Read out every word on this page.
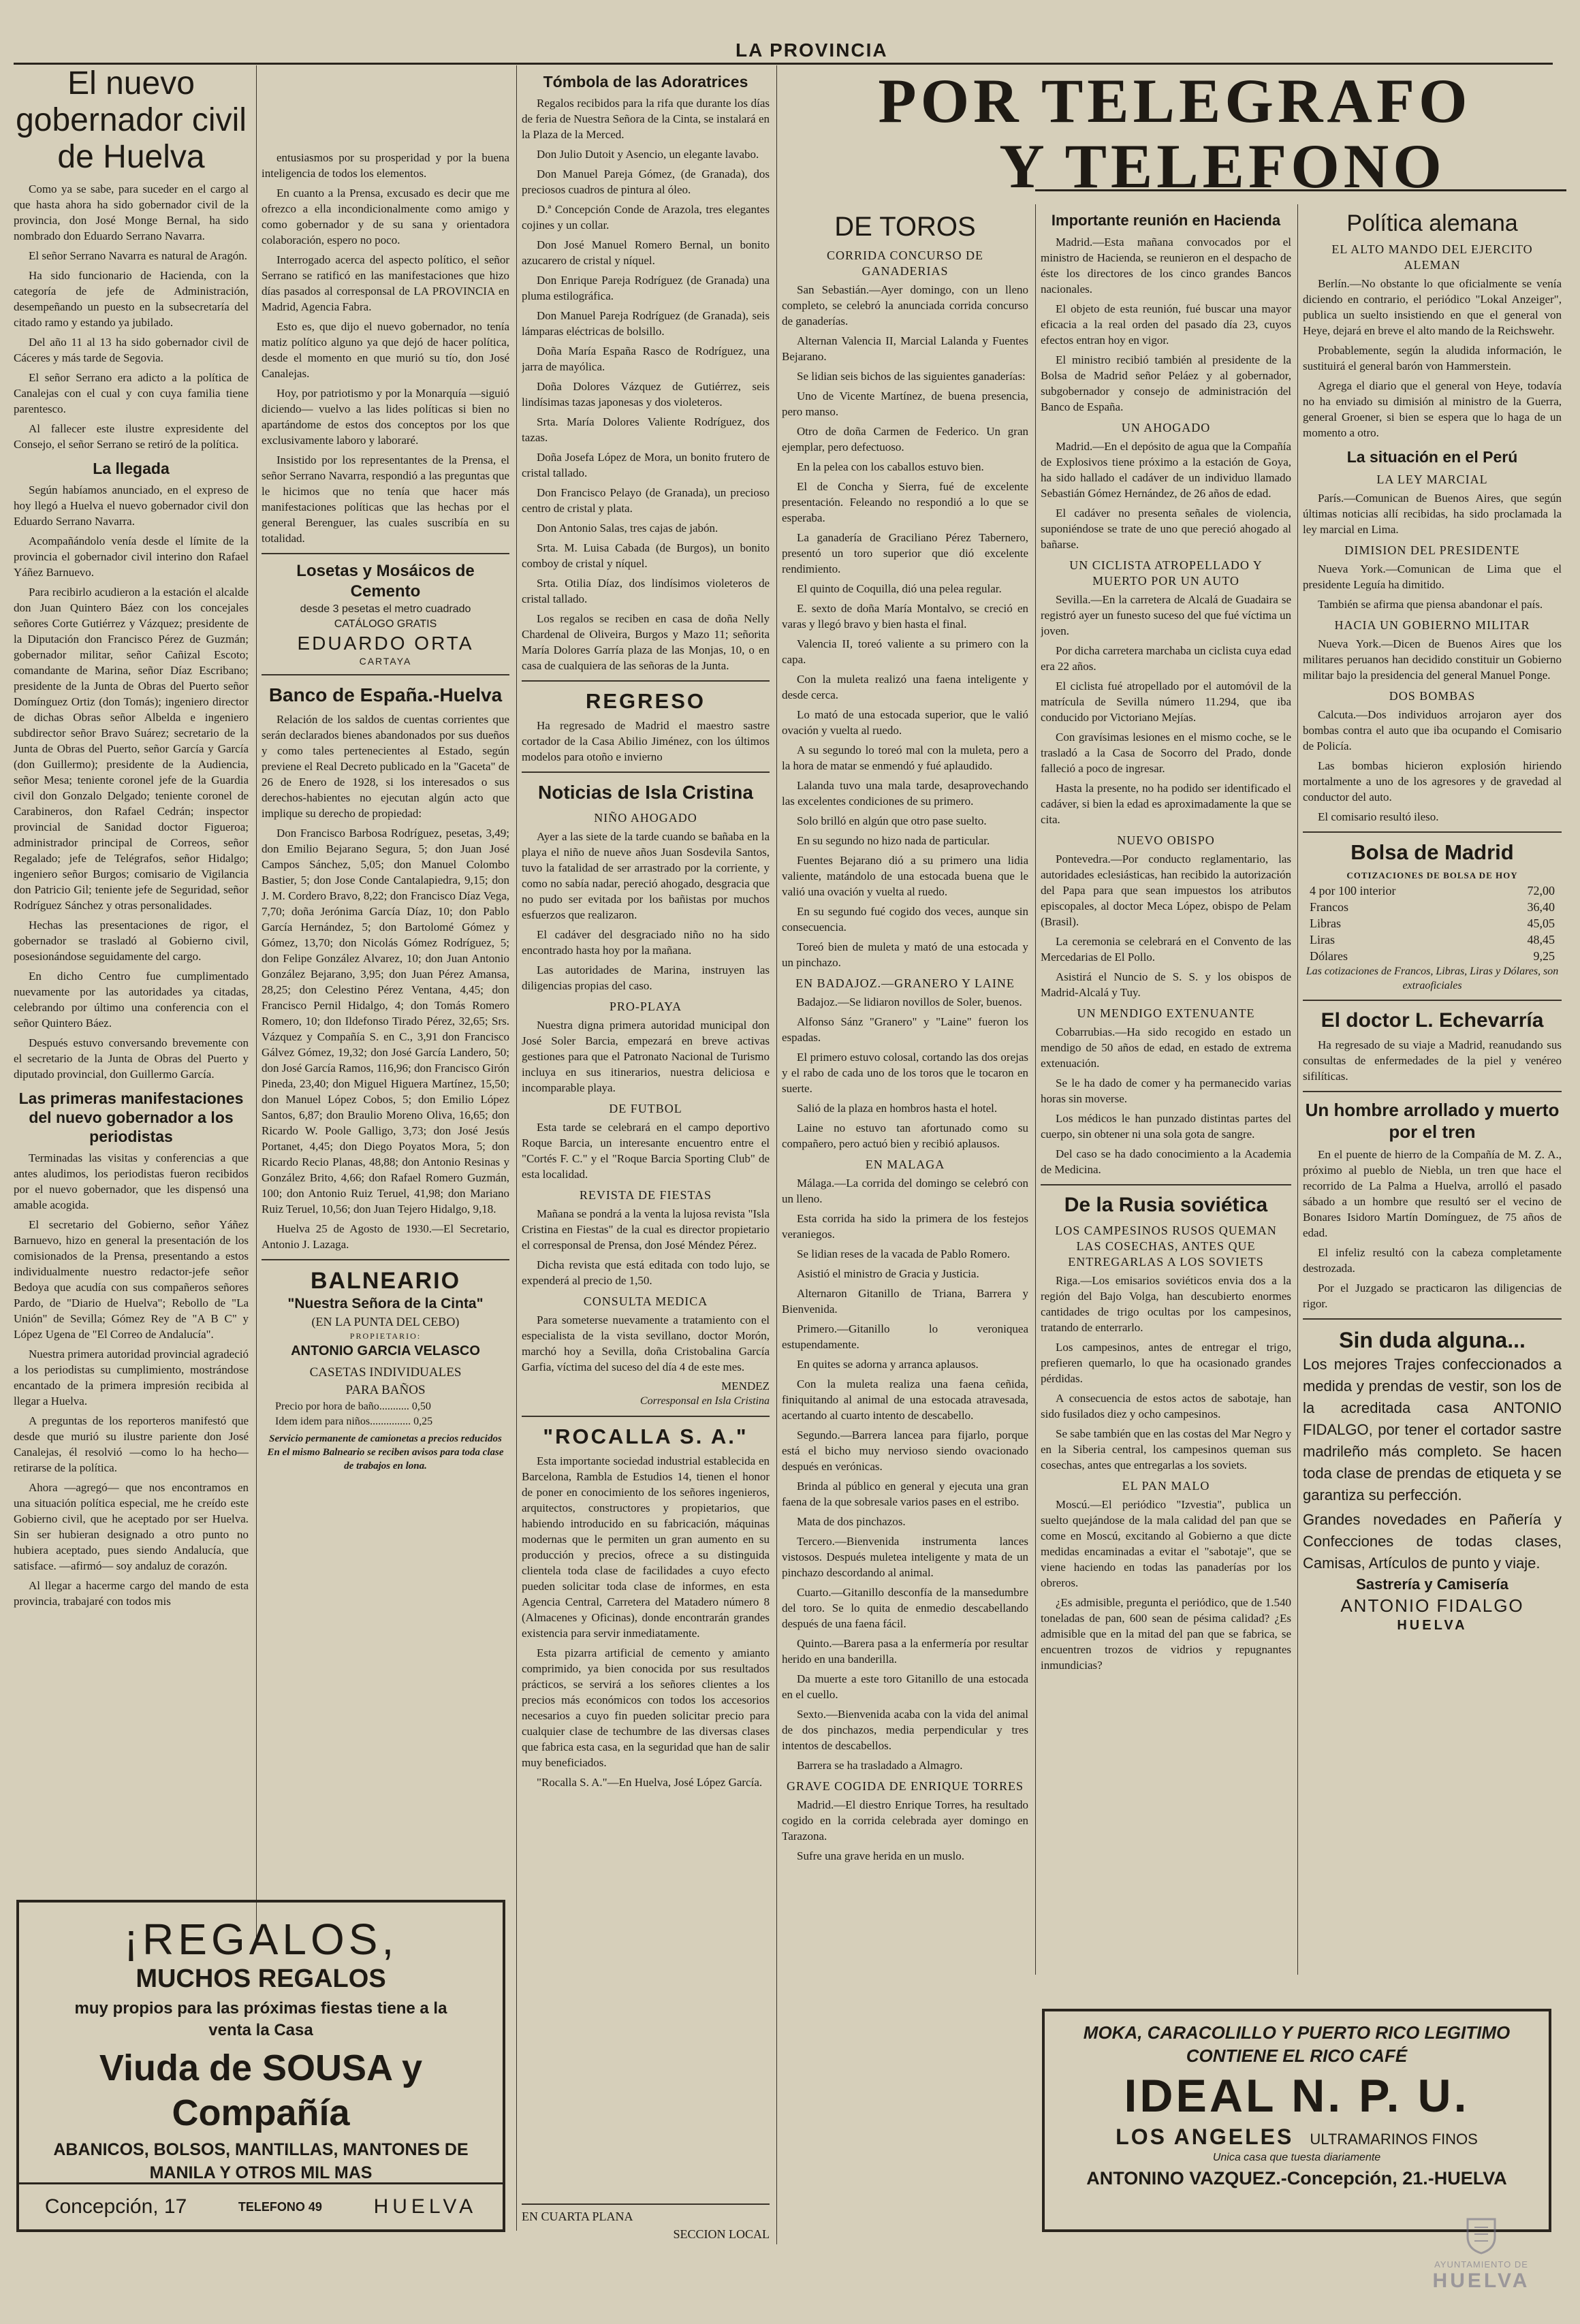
LA PROVINCIA
El nuevo gobernador civil de Huelva

Como ya se sabe, para suceder en el cargo al que hasta ahora ha sido gobernador civil de la provincia, don José Monge Bernal, ha sido nombrado don Eduardo Serrano Navarra.

El señor Serrano Navarra es natural de Aragón.

Ha sido funcionario de Hacienda, con la categoría de jefe de Administración, desempeñando un puesto en la subsecretaría del citado ramo y estando ya jubilado.

Del año 11 al 13 ha sido gobernador civil de Cáceres y más tarde de Segovia.

El señor Serrano era adicto a la política de Canalejas con el cual y con cuya familia tiene parentesco.

Al fallecer este ilustre expresidente del Consejo, el señor Serrano se retiró de la política.

La llegada

Según habíamos anunciado, en el expreso de hoy llegó a Huelva el nuevo gobernador civil don Eduardo Serrano Navarra.

Acompañándolo venía desde el límite de la provincia el gobernador civil interino don Rafael Yáñez Barnuevo.

Para recibirlo acudieron a la estación el alcalde don Juan Quintero Báez con los concejales señores Corte Gutiérrez y Vázquez; presidente de la Diputación don Francisco Pérez de Guzmán; gobernador militar, señor Cañizal Escoto; comandante de Marina, señor Díaz Escribano; presidente de la Junta de Obras del Puerto señor Domínguez Ortiz (don Tomás); ingeniero director de dichas Obras señor Albelda e ingeniero subdirector señor Bravo Suárez; secretario de la Junta de Obras del Puerto, señor García y García (don Guillermo); presidente de la Audiencia, señor Mesa; teniente coronel jefe de la Guardia civil don Gonzalo Delgado; teniente coronel de Carabineros, don Rafael Cedrán; inspector provincial de Sanidad doctor Figueroa; administrador principal de Correos, señor Regalado; jefe de Telégrafos, señor Hidalgo; ingeniero señor Burgos; comisario de Vigilancia don Patricio Gil; teniente jefe de Seguridad, señor Rodríguez Sánchez y otras personalidades.

Hechas las presentaciones de rigor, el gobernador se trasladó al Gobierno civil, posesionándose seguidamente del cargo.

En dicho Centro fue cumplimentado nuevamente por las autoridades ya citadas, celebrando por último una conferencia con el señor Quintero Báez.

Después estuvo conversando brevemente con el secretario de la Junta de Obras del Puerto y diputado provincial, don Guillermo García.

Las primeras manifestaciones del nuevo gobernador a los periodistas

Terminadas las visitas y conferencias a que antes aludimos, los periodistas fueron recibidos por el nuevo gobernador, que les dispensó una amable acogida.

El secretario del Gobierno, señor Yáñez Barnuevo, hizo en general la presentación de los comisionados de la Prensa, presentando a estos individualmente nuestro redactor-jefe señor Bedoya que acudía con sus compañeros señores Pardo, de "Diario de Huelva"; Rebollo de "La Unión" de Sevilla; Gómez Rey de "A B C" y López Ugena de "El Correo de Andalucía".

Nuestra primera autoridad provincial agradeció a los periodistas su cumplimiento, mostrándose encantado de la primera impresión recibida al llegar a Huelva.

A preguntas de los reporteros manifestó que desde que murió su ilustre pariente don José Canalejas, él resolvió —como lo ha hecho— retirarse de la política.

Ahora —agregó— que nos encontramos en una situación política especial, me he creído este Gobierno civil, que he aceptado por ser Huelva. Sin ser hubieran designado a otro punto no hubiera aceptado, pues siendo Andalucía, que satisface. —afirmó— soy andaluz de corazón.

Al llegar a hacerme cargo del mando de esta provincia, trabajaré con todos mis

¡REGALOS,
MUCHOS REGALOS
muy propios para las próximas fiestas tiene a la
venta la Casa
Viuda de SOUSA y Compañía
ABANICOS, BOLSOS, MANTILLAS, MANTONES DE MANILA Y OTROS MIL MAS
Concepción, 17	TELEFONO 49	HUELVA

entusiasmos por su prosperidad y por la buena inteligencia de todos los elementos.

En cuanto a la Prensa, excusado es decir que me ofrezco a ella incondicionalmente como amigo y como gobernador y de su sana y orientadora colaboración, espero no poco.

Interrogado acerca del aspecto político, el señor Serrano se ratificó en las manifestaciones que hizo días pasados al corresponsal de LA PROVINCIA en Madrid, Agencia Fabra.

Esto es, que dijo el nuevo gobernador, no tenía matiz político alguno ya que dejó de hacer política, desde el momento en que murió su tío, don José Canalejas.

Hoy, por patriotismo y por la Monarquía —siguió diciendo— vuelvo a las lides políticas si bien no apartándome de estos dos conceptos por los que exclusivamente laboro y laboraré.

Insistido por los representantes de la Prensa, el señor Serrano Navarra, respondió a las preguntas que le hicimos que no tenía que hacer más manifestaciones políticas que las hechas por el general Berenguer, las cuales suscribía en su totalidad.

Losetas y Mosáicos de Cemento
desde 3 pesetas el metro cuadrado
CATÁLOGO GRATIS
EDUARDO ORTA
CARTAYA
Banco de España.-Huelva

Relación de los saldos de cuentas corrientes que serán declarados bienes abandonados por sus dueños y como tales pertenecientes al Estado, según previene el Real Decreto publicado en la "Gaceta" de 26 de Enero de 1928, si los interesados o sus derechos-habientes no ejecutan algún acto que implique su derecho de propiedad:

Don Francisco Barbosa Rodríguez, pesetas, 3,49; don Emilio Bejarano Segura, 5; don Juan José Campos Sánchez, 5,05; don Manuel Colombo Bastier, 5; don Jose Conde Cantalapiedra, 9,15; don J. M. Cordero Bravo, 8,22; don Francisco Díaz Vega, 7,70; doña Jerónima García Díaz, 10; don Pablo García Hernández, 5; don Bartolomé Gómez y Gómez, 13,70; don Nicolás Gómez Rodríguez, 5; don Felipe González Alvarez, 10; don Juan Antonio González Bejarano, 3,95; don Juan Pérez Amansa, 28,25; don Celestino Pérez Ventana, 4,45; don Francisco Pernil Hidalgo, 4; don Tomás Romero Romero, 10; don Ildefonso Tirado Pérez, 32,65; Srs. Vázquez y Compañía S. en C., 3,91 don Francisco Gálvez Gómez, 19,32; don José García Landero, 50; don José García Ramos, 116,96; don Francisco Girón Pineda, 23,40; don Miguel Higuera Martínez, 15,50; don Manuel López Cobos, 5; don Emilio López Santos, 6,87; don Braulio Moreno Oliva, 16,65; don Ricardo W. Poole Galligo, 3,73; don José Jesús Portanet, 4,45; don Diego Poyatos Mora, 5; don Ricardo Recio Planas, 48,88; don Antonio Resinas y González Brito, 4,66; don Rafael Romero Guzmán, 100; don Antonio Ruiz Teruel, 41,98; don Mariano Ruiz Teruel, 10,56; don Juan Tejero Hidalgo, 9,18.

Huelva 25 de Agosto de 1930.—El Secretario, Antonio J. Lazaga.

BALNEARIO
"Nuestra Señora de la Cinta"
(EN LA PUNTA DEL CEBO)
PROPIETARIO:
ANTONIO GARCIA VELASCO
CASETAS INDIVIDUALES
PARA BAÑOS
Precio por hora de baño........... 0,50
Idem idem para niños............... 0,25
Servicio permanente de camionetas a precios reducidos
En el mismo Balneario se reciben avisos para toda clase de trabajos en lona.
Tómbola de las Adoratrices

Regalos recibidos para la rifa que durante los días de feria de Nuestra Señora de la Cinta, se instalará en la Plaza de la Merced.

Don Julio Dutoit y Asencio, un elegante lavabo.

Don Manuel Pareja Gómez, (de Granada), dos preciosos cuadros de pintura al óleo.

D.ª Concepción Conde de Arazola, tres elegantes cojines y un collar.

Don José Manuel Romero Bernal, un bonito azucarero de cristal y níquel.

Don Enrique Pareja Rodríguez (de Granada) una pluma estilográfica.

Don Manuel Pareja Rodríguez (de Granada), seis lámparas eléctricas de bolsillo.

Doña María España Rasco de Rodríguez, una jarra de mayólica.

Doña Dolores Vázquez de Gutiérrez, seis lindísimas tazas japonesas y dos violeteros.

Srta. María Dolores Valiente Rodríguez, dos tazas.

Doña Josefa López de Mora, un bonito frutero de cristal tallado.

Don Francisco Pelayo (de Granada), un precioso centro de cristal y plata.

Don Antonio Salas, tres cajas de jabón.

Srta. M. Luisa Cabada (de Burgos), un bonito comboy de cristal y níquel.

Srta. Otilia Díaz, dos lindísimos violeteros de cristal tallado.

Los regalos se reciben en casa de doña Nelly Chardenal de Oliveira, Burgos y Mazo 11; señorita María Dolores Garría plaza de las Monjas, 10, o en casa de cualquiera de las señoras de la Junta.

REGRESO

Ha regresado de Madrid el maestro sastre cortador de la Casa Abilio Jiménez, con los últimos modelos para otoño e invierno

Noticias de Isla Cristina
NIÑO AHOGADO

Ayer a las siete de la tarde cuando se bañaba en la playa el niño de nueve años Juan Sosdevila Santos, tuvo la fatalidad de ser arrastrado por la corriente, y como no sabía nadar, pereció ahogado, desgracia que no pudo ser evitada por los bañistas por muchos esfuerzos que realizaron.

El cadáver del desgraciado niño no ha sido encontrado hasta hoy por la mañana.

Las autoridades de Marina, instruyen las diligencias propias del caso.

PRO-PLAYA

Nuestra digna primera autoridad municipal don José Soler Barcia, empezará en breve activas gestiones para que el Patronato Nacional de Turismo incluya en sus itinerarios, nuestra deliciosa e incomparable playa.

DE FUTBOL

Esta tarde se celebrará en el campo deportivo Roque Barcia, un interesante encuentro entre el "Cortés F. C." y el "Roque Barcia Sporting Club" de esta localidad.

REVISTA DE FIESTAS

Mañana se pondrá a la venta la lujosa revista "Isla Cristina en Fiestas" de la cual es director propietario el corresponsal de Prensa, don José Méndez Pérez.

Dicha revista que está editada con todo lujo, se expenderá al precio de 1,50.

CONSULTA MEDICA

Para someterse nuevamente a tratamiento con el especialista de la vista sevillano, doctor Morón, marchó hoy a Sevilla, doña Cristobalina García Garfia, víctima del suceso del día 4 de este mes.

MENDEZ
Corresponsal en Isla Cristina
"ROCALLA S. A."

Esta importante sociedad industrial establecida en Barcelona, Rambla de Estudios 14, tienen el honor de poner en conocimiento de los señores ingenieros, arquitectos, constructores y propietarios, que habiendo introducido en su fabricación, máquinas modernas que le permiten un gran aumento en su producción y precios, ofrece a su distinguida clientela toda clase de facilidades a cuyo efecto pueden solicitar toda clase de informes, en esta Agencia Central, Carretera del Matadero número 8 (Almacenes y Oficinas), donde encontrarán grandes existencia para servir inmediatamente.

Esta pizarra artificial de cemento y amianto comprimido, ya bien conocida por sus resultados prácticos, se servirá a los señores clientes a los precios más económicos con todos los accesorios necesarios a cuyo fin pueden solicitar precio para cualquier clase de techumbre de las diversas clases que fabrica esta casa, en la seguridad que han de salir muy beneficiados.

"Rocalla S. A."—En Huelva, José López García.

EN CUARTA PLANA
SECCION LOCAL
POR TELEGRAFO
Y TELEFONO
DE TOROS
CORRIDA CONCURSO DE GANADERIAS

San Sebastián.—Ayer domingo, con un lleno completo, se celebró la anunciada corrida concurso de ganaderías.

Alternan Valencia II, Marcial Lalanda y Fuentes Bejarano.

Se lidian seis bichos de las siguientes ganaderías:

Uno de Vicente Martínez, de buena presencia, pero manso.

Otro de doña Carmen de Federico. Un gran ejemplar, pero defectuoso.

En la pelea con los caballos estuvo bien.

El de Concha y Sierra, fué de excelente presentación. Feleando no respondió a lo que se esperaba.

La ganadería de Graciliano Pérez Tabernero, presentó un toro superior que dió excelente rendimiento.

El quinto de Coquilla, dió una pelea regular.

E. sexto de doña María Montalvo, se creció en varas y llegó bravo y bien hasta el final.

Valencia II, toreó valiente a su primero con la capa.

Con la muleta realizó una faena inteligente y desde cerca.

Lo mató de una estocada superior, que le valió ovación y vuelta al ruedo.

A su segundo lo toreó mal con la muleta, pero a la hora de matar se enmendó y fué aplaudido.

Lalanda tuvo una mala tarde, desaprovechando las excelentes condiciones de su primero.

Solo brilló en algún que otro pase suelto.

En su segundo no hizo nada de particular.

Fuentes Bejarano dió a su primero una lidia valiente, matándolo de una estocada buena que le valió una ovación y vuelta al ruedo.

En su segundo fué cogido dos veces, aunque sin consecuencia.

Toreó bien de muleta y mató de una estocada y un pinchazo.

EN BADAJOZ.—GRANERO Y LAINE

Badajoz.—Se lidiaron novillos de Soler, buenos.

Alfonso Sánz "Granero" y "Laine" fueron los espadas.

El primero estuvo colosal, cortando las dos orejas y el rabo de cada uno de los toros que le tocaron en suerte.

Salió de la plaza en hombros hasta el hotel.

Laine no estuvo tan afortunado como su compañero, pero actuó bien y recibió aplausos.

EN MALAGA

Málaga.—La corrida del domingo se celebró con un lleno.

Esta corrida ha sido la primera de los festejos veraniegos.

Se lidian reses de la vacada de Pablo Romero.

Asistió el ministro de Gracia y Justicia.

Alternaron Gitanillo de Triana, Barrera y Bienvenida.

Primero.—Gitanillo lo veroniquea estupendamente.

En quites se adorna y arranca aplausos.

Con la muleta realiza una faena ceñida, finiquitando al animal de una estocada atravesada, acertando al cuarto intento de descabello.

Segundo.—Barrera lancea para fijarlo, porque está el bicho muy nervioso siendo ovacionado después en verónicas.

Brinda al público en general y ejecuta una gran faena de la que sobresale varios pases en el estribo.

Mata de dos pinchazos.

Tercero.—Bienvenida instrumenta lances vistosos. Después muletea inteligente y mata de un pinchazo descordando al animal.

Cuarto.—Gitanillo desconfía de la mansedumbre del toro. Se lo quita de enmedio descabellando después de una faena fácil.

Quinto.—Barera pasa a la enfermería por resultar herido en una banderilla.

Da muerte a este toro Gitanillo de una estocada en el cuello.

Sexto.—Bienvenida acaba con la vida del animal de dos pinchazos, media perpendicular y tres intentos de descabellos.

Barrera se ha trasladado a Almagro.

GRAVE COGIDA DE ENRIQUE TORRES

Madrid.—El diestro Enrique Torres, ha resultado cogido en la corrida celebrada ayer domingo en Tarazona.

Sufre una grave herida en un muslo.

Importante reunión en Hacienda

Madrid.—Esta mañana convocados por el ministro de Hacienda, se reunieron en el despacho de éste los directores de los cinco grandes Bancos nacionales.

El objeto de esta reunión, fué buscar una mayor eficacia a la real orden del pasado día 23, cuyos efectos entran hoy en vigor.

El ministro recibió también al presidente de la Bolsa de Madrid señor Peláez y al gobernador, subgobernador y consejo de administración del Banco de España.

UN AHOGADO

Madrid.—En el depósito de agua que la Compañía de Explosivos tiene próximo a la estación de Goya, ha sido hallado el cadáver de un individuo llamado Sebastián Gómez Hernández, de 26 años de edad.

El cadáver no presenta señales de violencia, suponiéndose se trate de uno que pereció ahogado al bañarse.

UN CICLISTA ATROPELLADO Y MUERTO POR UN AUTO

Sevilla.—En la carretera de Alcalá de Guadaira se registró ayer un funesto suceso del que fué víctima un joven.

Por dicha carretera marchaba un ciclista cuya edad era 22 años.

El ciclista fué atropellado por el automóvil de la matrícula de Sevilla número 11.294, que iba conducido por Victoriano Mejías.

Con gravísimas lesiones en el mismo coche, se le trasladó a la Casa de Socorro del Prado, donde falleció a poco de ingresar.

Hasta la presente, no ha podido ser identificado el cadáver, si bien la edad es aproximadamente la que se cita.

NUEVO OBISPO

Pontevedra.—Por conducto reglamentario, las autoridades eclesiásticas, han recibido la autorización del Papa para que sean impuestos los atributos episcopales, al doctor Meca López, obispo de Pelam (Brasil).

La ceremonia se celebrará en el Convento de las Mercedarias de El Pollo.

Asistirá el Nuncio de S. S. y los obispos de Madrid-Alcalá y Tuy.

UN MENDIGO EXTENUANTE

Cobarrubias.—Ha sido recogido en estado un mendigo de 50 años de edad, en estado de extrema extenuación.

Se le ha dado de comer y ha permanecido varias horas sin moverse.

Los médicos le han punzado distintas partes del cuerpo, sin obtener ni una sola gota de sangre.

Del caso se ha dado conocimiento a la Academia de Medicina.

De la Rusia soviética
LOS CAMPESINOS RUSOS QUEMAN LAS COSECHAS, ANTES QUE ENTREGARLAS A LOS SOVIETS

Riga.—Los emisarios soviéticos envia dos a la región del Bajo Volga, han descubierto enormes cantidades de trigo ocultas por los campesinos, tratando de enterrarlo.

Los campesinos, antes de entregar el trigo, prefieren quemarlo, lo que ha ocasionado grandes pérdidas.

A consecuencia de estos actos de sabotaje, han sido fusilados diez y ocho campesinos.

Se sabe también que en las costas del Mar Negro y en la Siberia central, los campesinos queman sus cosechas, antes que entregarlas a los soviets.

EL PAN MALO

Moscú.—El periódico "Izvestia", publica un suelto quejándose de la mala calidad del pan que se come en Moscú, excitando al Gobierno a que dicte medidas encaminadas a evitar el "sabotaje", que se viene haciendo en todas las panaderías por los obreros.

¿Es admisible, pregunta el periódico, que de 1.540 toneladas de pan, 600 sean de pésima calidad? ¿Es admisible que en la mitad del pan que se fabrica, se encuentren trozos de vidrios y repugnantes inmundicias?

Política alemana
EL ALTO MANDO DEL EJERCITO ALEMAN

Berlín.—No obstante lo que oficialmente se venía diciendo en contrario, el periódico "Lokal Anzeiger", publica un suelto insistiendo en que el general von Heye, dejará en breve el alto mando de la Reichswehr.

Probablemente, según la aludida información, le sustituirá el general barón von Hammerstein.

Agrega el diario que el general von Heye, todavía no ha enviado su dimisión al ministro de la Guerra, general Groener, si bien se espera que lo haga de un momento a otro.

La situación en el Perú
LA LEY MARCIAL

París.—Comunican de Buenos Aires, que según últimas noticias allí recibidas, ha sido proclamada la ley marcial en Lima.

DIMISION DEL PRESIDENTE

Nueva York.—Comunican de Lima que el presidente Leguía ha dimitido.

También se afirma que piensa abandonar el país.

HACIA UN GOBIERNO MILITAR

Nueva York.—Dicen de Buenos Aires que los militares peruanos han decidido constituir un Gobierno militar bajo la presidencia del general Manuel Ponge.

DOS BOMBAS

Calcuta.—Dos individuos arrojaron ayer dos bombas contra el auto que iba ocupando el Comisario de Policía.

Las bombas hicieron explosión hiriendo mortalmente a uno de los agresores y de gravedad al conductor del auto.

El comisario resultó ileso.

Bolsa de Madrid
COTIZACIONES DE BOLSA DE HOY
4 por 100 interior	72,00
Francos	36,40
Libras	45,05
Liras	48,45
Dólares	9,25
Las cotizaciones de Francos, Libras, Liras y Dólares, son extraoficiales
El doctor L. Echevarría

Ha regresado de su viaje a Madrid, reanudando sus consultas de enfermedades de la piel y venéreo sifilíticas.

Un hombre arrollado y muerto por el tren

En el puente de hierro de la Compañía de M. Z. A., próximo al pueblo de Niebla, un tren que hace el recorrido de La Palma a Huelva, arrolló el pasado sábado a un hombre que resultó ser el vecino de Bonares Isidoro Martín Domínguez, de 75 años de edad.

El infeliz resultó con la cabeza completamente destrozada.

Por el Juzgado se practicaron las diligencias de rigor.

Sin duda alguna...
Los mejores Trajes confeccionados a medida y prendas de vestir, son los de la acreditada casa ANTONIO FIDALGO, por tener el cortador sastre madrileño más completo. Se hacen toda clase de prendas de etiqueta y se garantiza su perfección.
Grandes novedades en Pañería y Confecciones de todas clases, Camisas, Artículos de punto y viaje.
Sastrería y Camisería
ANTONIO FIDALGO
HUELVA
MOKA, CARACOLILLO Y PUERTO RICO LEGITIMO
CONTIENE EL RICO CAFÉ
IDEAL N. P. U.
LOS ANGELES ULTRAMARINOS FINOS
Unica casa que tuesta diariamente
ANTONINO VAZQUEZ.-Concepción, 21.-HUELVA
AYUNTAMIENTO DE
HUELVA
